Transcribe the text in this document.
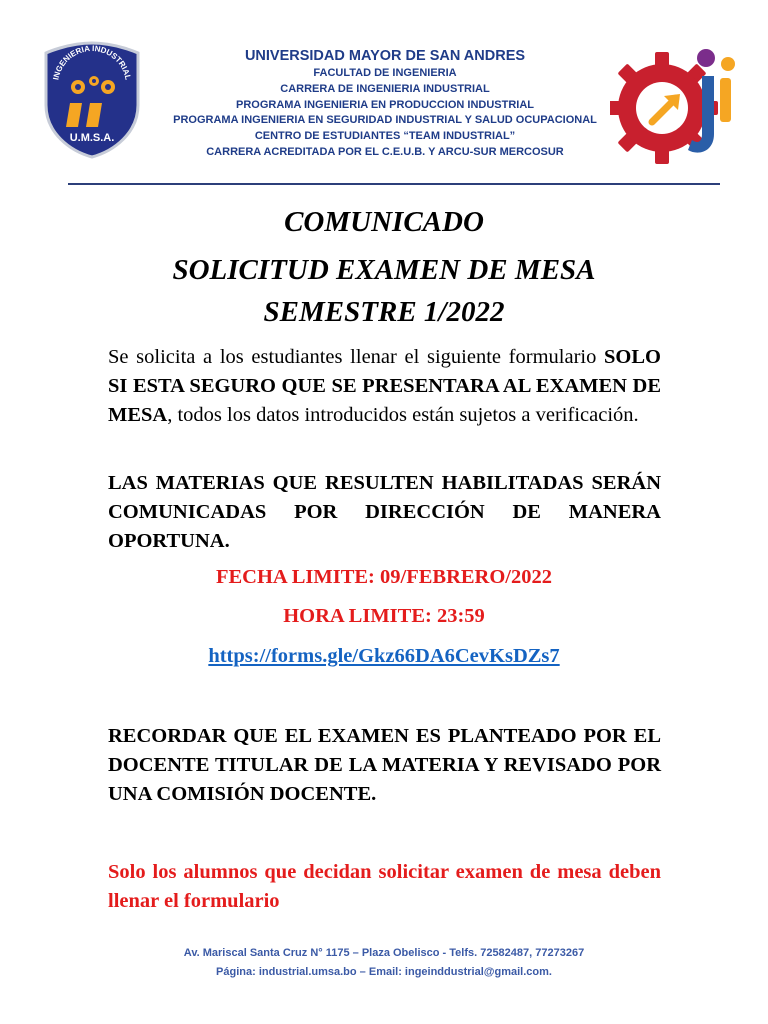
INGENIERIA INDUSTRIAL
U.M.S.A.
UNIVERSIDAD MAYOR DE SAN ANDRES
FACULTAD DE INGENIERIA
CARRERA DE INGENIERIA INDUSTRIAL
PROGRAMA INGENIERIA EN PRODUCCION INDUSTRIAL
PROGRAMA INGENIERIA EN SEGURIDAD INDUSTRIAL Y SALUD OCUPACIONAL
CENTRO DE ESTUDIANTES “TEAM INDUSTRIAL”
CARRERA ACREDITADA POR EL C.E.U.B. Y ARCU-SUR MERCOSUR
COMUNICADO
SOLICITUD EXAMEN DE MESA
SEMESTRE 1/2022
Se solicita a los estudiantes llenar el siguiente formulario SOLO SI ESTA SEGURO QUE SE PRESENTARA AL EXAMEN DE MESA, todos los datos introducidos están sujetos a verificación.
LAS MATERIAS QUE RESULTEN HABILITADAS SERÁN COMUNICADAS POR DIRECCIÓN DE MANERA OPORTUNA.
FECHA LIMITE: 09/FEBRERO/2022
HORA LIMITE: 23:59
https://forms.gle/Gkz66DA6CevKsDZs7
RECORDAR QUE EL EXAMEN ES PLANTEADO POR EL DOCENTE TITULAR DE LA MATERIA Y REVISADO POR UNA COMISIÓN DOCENTE.
Solo los alumnos que decidan solicitar examen de mesa deben llenar el formulario
Av. Mariscal Santa Cruz N° 1175 – Plaza Obelisco - Telfs. 72582487, 77273267
Página: industrial.umsa.bo – Email: ingeinddustrial@gmail.com.
